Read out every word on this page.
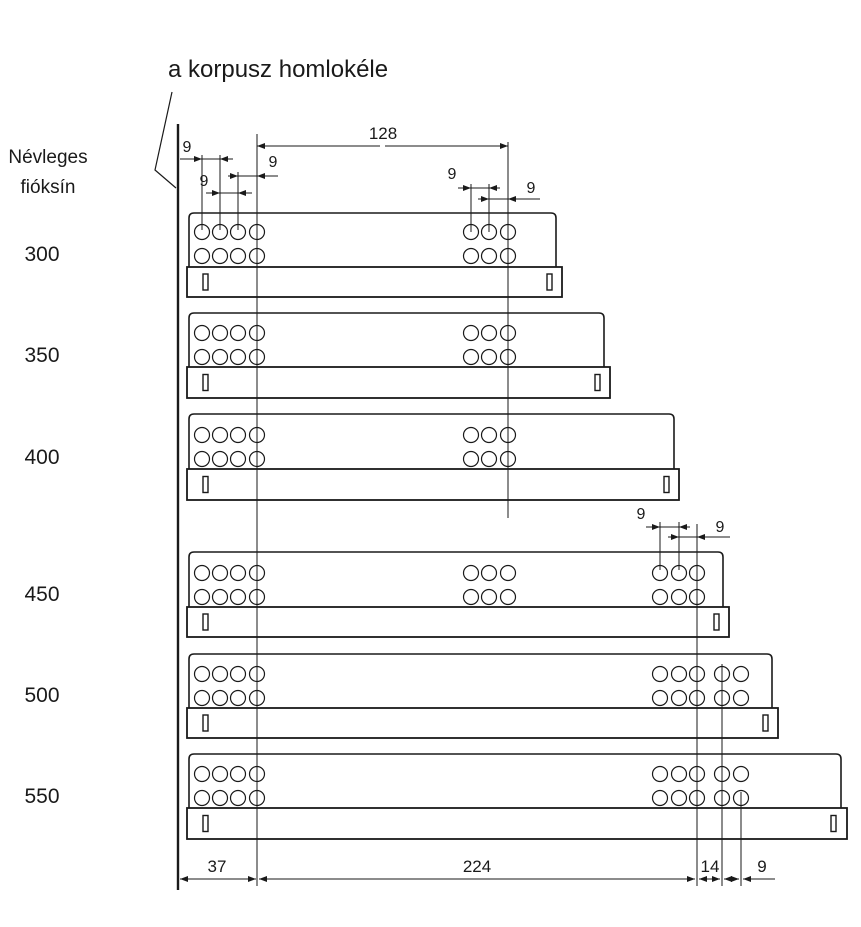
a korpusz homlokéle
Névleges
fióksín
300
350
400
450
500
550
9
9
9
128
9
9
9
9
37	224	14 9
